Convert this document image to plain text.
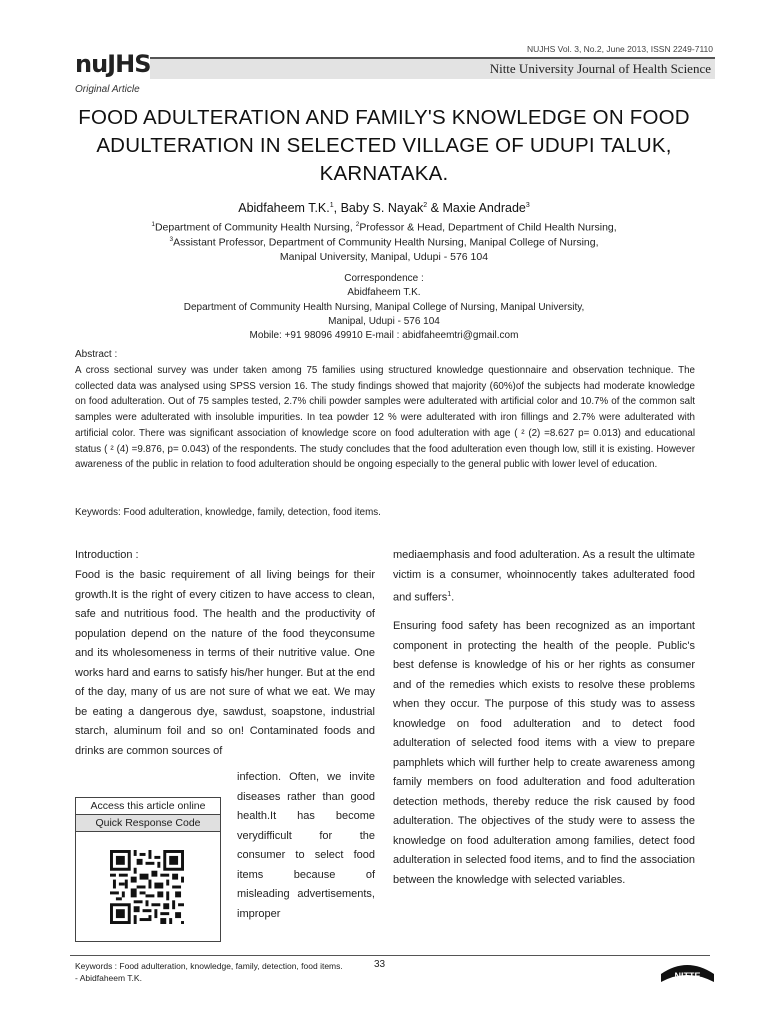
nuJHS
NUJHS Vol. 3, No.2, June 2013, ISSN 2249-7110
Nitte University Journal of Health Science
Original Article
FOOD ADULTERATION AND FAMILY'S KNOWLEDGE ON FOOD ADULTERATION IN SELECTED VILLAGE OF UDUPI TALUK, KARNATAKA.
Abidfaheem T.K.$^1$, Baby S. Nayak$^2$ & Maxie Andrade$^3$
$^1$Department of Community Health Nursing, $^2$Professor & Head, Department of Child Health Nursing,
$^3$Assistant Professor, Department of Community Health Nursing, Manipal College of Nursing,
Manipal University, Manipal, Udupi - 576 104
Correspondence :
Abidfaheem T.K.
Department of Community Health Nursing, Manipal College of Nursing, Manipal University,
Manipal, Udupi - 576 104
Mobile: +91 98096 49910 E-mail : abidfaheemtri@gmail.com
Abstract :
A cross sectional survey was under taken among 75 families using structured knowledge questionnaire and observation technique. The collected data was analysed using SPSS version 16. The study findings showed that majority (60%)of the subjects had moderate knowledge on food adulteration. Out of 75 samples tested, 2.7% chili powder samples were adulterated with artificial color and 10.7% of the common salt samples were adulterated with insoluble impurities. In tea powder 12 % were adulterated with iron fillings and 2.7% were adulterated with artificial color. There was significant association of knowledge score on food adulteration with age ( ² (2) =8.627 p= 0.013) and educational status ( ² (4) =9.876, p= 0.043) of the respondents. The study concludes that the food adulteration even though low, still it is existing. However awareness of the public in relation to food adulteration should be ongoing especially to the general public with lower level of education.
Keywords: Food adulteration, knowledge, family, detection, food items.
Introduction :
Food is the basic requirement of all living beings for their growth.It is the right of every citizen to have access to clean, safe and nutritious food. The health and the productivity of population depend on the nature of the food theyconsume and its wholesomeness in terms of their nutritive value. One works hard and earns to satisfy his/her hunger. But at the end of the day, many of us are not sure of what we eat. We may be eating a dangerous dye, sawdust, soapstone, industrial starch, aluminum foil and so on! Contaminated foods and drinks are common sources of
infection. Often, we invite diseases rather than good health.It has become verydifficult for the consumer to select food items because of misleading advertisements, improper
mediaemphasis and food adulteration. As a result the ultimate victim is a consumer, whoinnocently takes adulterated food and suffers$^1$.
Ensuring food safety has been recognized as an important component in protecting the health of the people. Public's best defense is knowledge of his or her rights as consumer and of the remedies which exists to resolve these problems when they occur. The purpose of this study was to assess knowledge on food adulteration and to detect food adulteration of selected food items with a view to prepare pamphlets which will further help to create awareness among family members on food adulteration and food adulteration detection methods, thereby reduce the risk caused by food adulteration. The objectives of the study were to assess the knowledge on food adulteration among families, detect food adulteration in selected food items, and to find the association between the knowledge with selected variables.
Access this article online
Quick Response Code
Keywords : Food adulteration, knowledge, family, detection, food items. - Abidfaheem T.K.
33
NITTE
